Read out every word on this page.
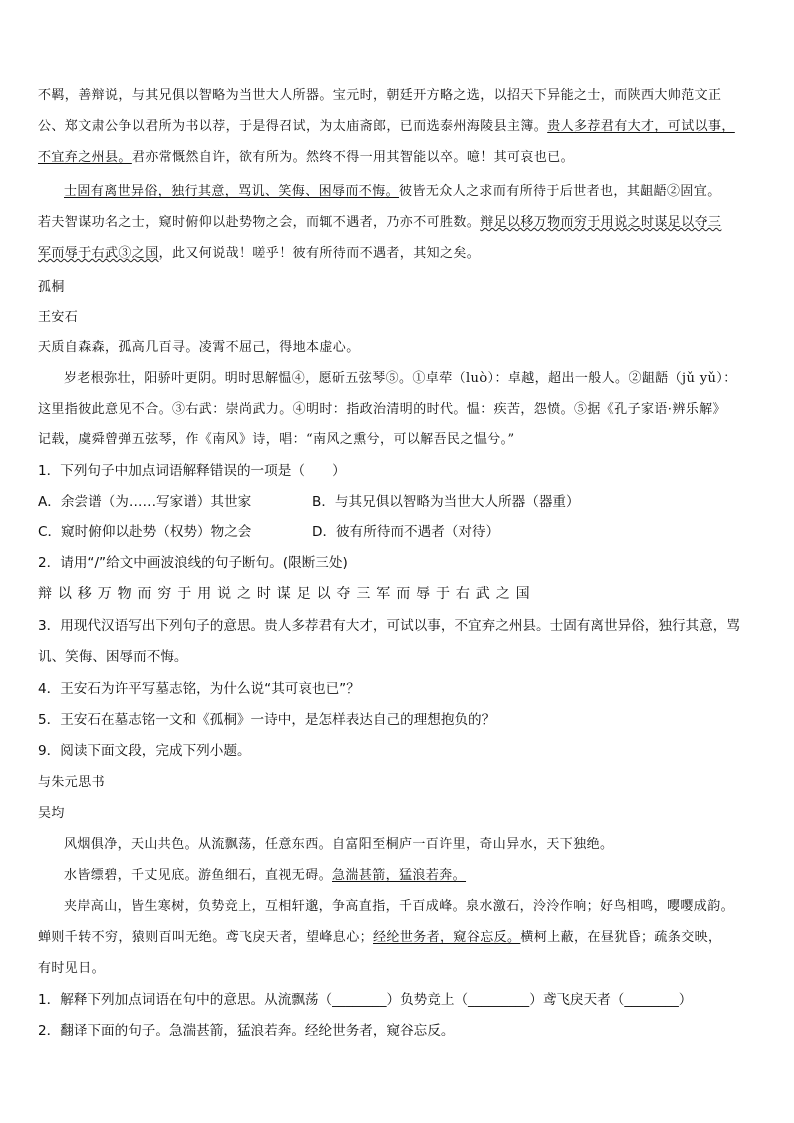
不羁，善辩说，与其兄俱以智略为当世大人所器。宝元时，朝廷开方略之选，以招天下异能之士，而陕西大帅范文正
公、郑文肃公争以君所为书以荐，于是得召试，为太庙斋郎，已而选泰州海陵县主簿。贵人多荐君有大才，可试以事，
不宜弃之州县。君亦常慨然自许，欲有所为。然终不得一用其智能以卒。噫！其可哀也已。
士固有离世异俗，独行其意，骂讥、笑侮、困辱而不悔。彼皆无众人之求而有所待于后世者也，其龃龉②固宜。
若夫智谋功名之士，窥时俯仰以赴势物之会，而辄不遇者，乃亦不可胜数。辩足以移万物而穷于用说之时谋足以夺三
军而辱于右武③之国，此又何说哉！嗟乎！彼有所待而不遇者，其知之矣。
孤桐
王安石
天质自森森，孤高几百寻。凌霄不屈己，得地本虚心。
岁老根弥壮，阳骄叶更阴。明时思解愠④，愿斫五弦琴⑤。①卓荦（luò）：卓越，超出一般人。②龃龉（jǔ yǔ）：
这里指彼此意见不合。③右武：崇尚武力。④明时：指政治清明的时代。愠：疾苦，怨愤。⑤据《孔子家语·辨乐解》
记载，虞舜曾弹五弦琴，作《南风》诗，唱：“南风之熏兮，可以解吾民之愠兮。”
1．下列句子中加点词语解释错误的一项是（　　）
A．余尝谱（为……写家谱）其世家	B．与其兄俱以智略为当世大人所器（器重）
C．窥时俯仰以赴势（权势）物之会	D．彼有所待而不遇者（对待）
2．请用“/”给文中画波浪线的句子断句。(限断三处)
辩以移万物而穷于用说之时谋足以夺三军而辱于右武之国
3．用现代汉语写出下列句子的意思。贵人多荐君有大才，可试以事，不宜弃之州县。士固有离世异俗，独行其意，骂
讥、笑侮、困辱而不悔。
4．王安石为许平写墓志铭，为什么说“其可哀也已”？
5．王安石在墓志铭一文和《孤桐》一诗中，是怎样表达自己的理想抱负的？
9．阅读下面文段，完成下列小题。
与朱元思书
吴均
风烟俱净，天山共色。从流飘荡，任意东西。自富阳至桐庐一百许里，奇山异水，天下独绝。
水皆缥碧，千丈见底。游鱼细石，直视无碍。急湍甚箭，猛浪若奔。
夹岸高山，皆生寒树，负势竞上，互相轩邈，争高直指，千百成峰。泉水激石，泠泠作响；好鸟相鸣，嘤嘤成韵。
蝉则千转不穷，猿则百叫无绝。鸢飞戾天者，望峰息心；经纶世务者，窥谷忘反。横柯上蔽，在昼犹昏；疏条交映，
有时见日。
1．解释下列加点词语在句中的意思。从流飘荡（________）负势竞上（_________）鸢飞戾天者（________）
2．翻译下面的句子。急湍甚箭，猛浪若奔。经纶世务者，窥谷忘反。
